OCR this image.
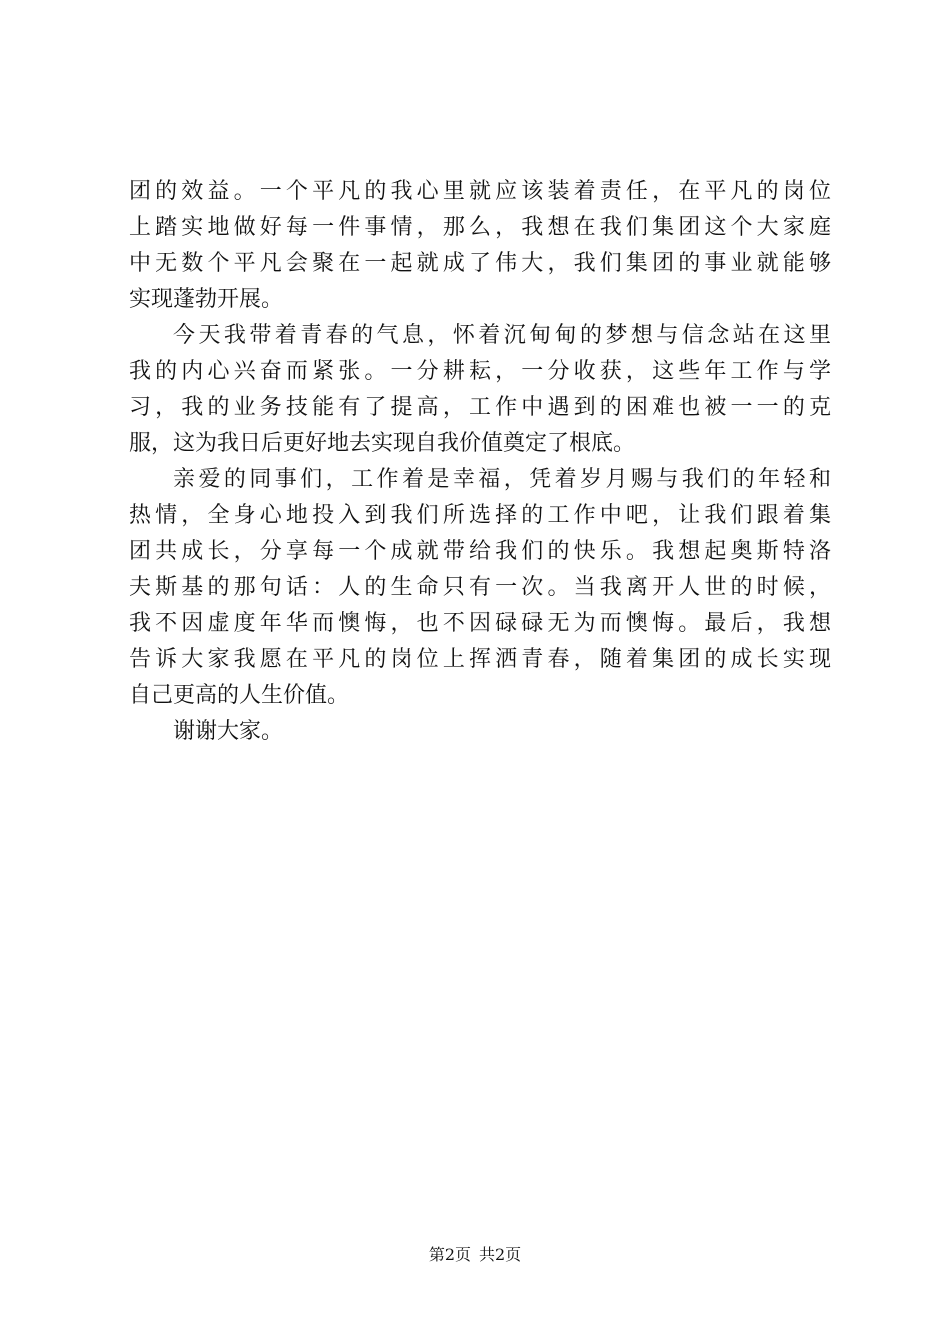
团的效益。一个平凡的我心里就应该装着责任，在平凡的岗位
上踏实地做好每一件事情，那么，我想在我们集团这个大家庭
中无数个平凡会聚在一起就成了伟大，我们集团的事业就能够
实现蓬勃开展。
今天我带着青春的气息，怀着沉甸甸的梦想与信念站在这里
我的内心兴奋而紧张。一分耕耘，一分收获，这些年工作与学
习，我的业务技能有了提高，工作中遇到的困难也被一一的克
服，这为我日后更好地去实现自我价值奠定了根底。
亲爱的同事们，工作着是幸福，凭着岁月赐与我们的年轻和
热情，全身心地投入到我们所选择的工作中吧，让我们跟着集
团共成长，分享每一个成就带给我们的快乐。我想起奥斯特洛
夫斯基的那句话：人的生命只有一次。当我离开人世的时候，
我不因虚度年华而懊悔，也不因碌碌无为而懊悔。最后，我想
告诉大家我愿在平凡的岗位上挥洒青春，随着集团的成长实现
自己更高的人生价值。
谢谢大家。
第2页 共2页
